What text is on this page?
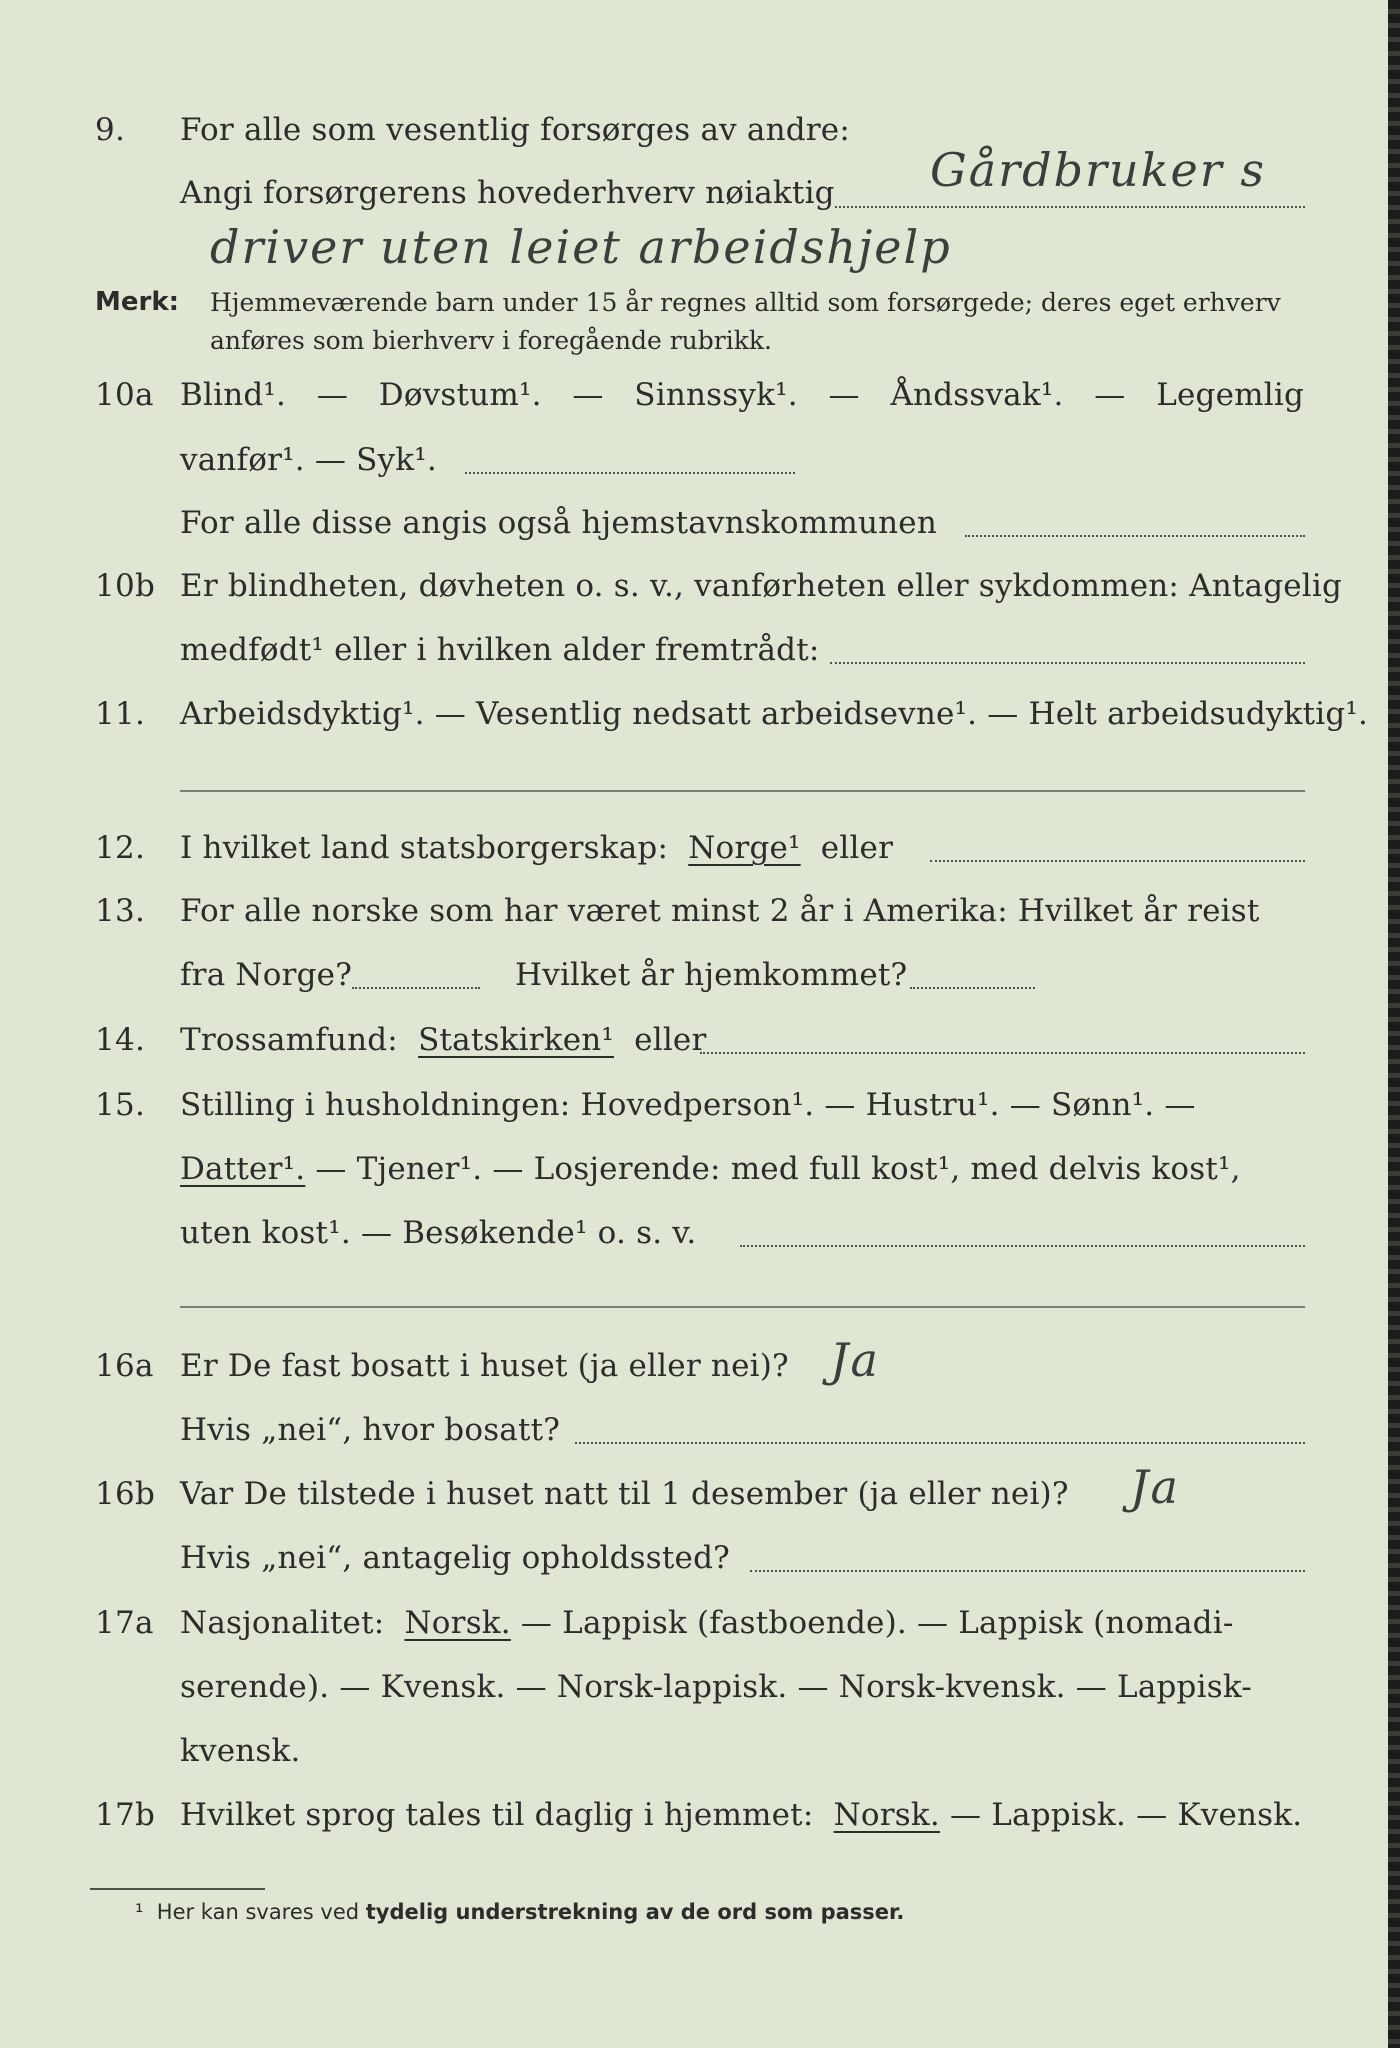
9. For alle som vesentlig forsørges av andre:
Angi forsørgerens hovederhverv nøiaktig Gårdbruker s
driver uten leiet arbeidshjelp
Merk: Hjemmeværende barn under 15 år regnes alltid som forsørgede; deres eget erhverv anføres som bierhverv i foregående rubrikk.
10a Blind¹. — Døvstum¹. — Sinnssyk¹. — Åndssvak¹. — Legemlig
vanfør¹. — Syk¹.
For alle disse angis også hjemstavnskommunen
10b Er blindheten, døvheten o. s. v., vanførheten eller sykdommen: Antagelig
medfødt¹ eller i hvilken alder fremtrådt:
11. Arbeidsdyktig¹. — Vesentlig nedsatt arbeidsevne¹. — Helt arbeidsudyktig¹.
12. I hvilket land statsborgerskap: Norge¹ eller
13. For alle norske som har været minst 2 år i Amerika: Hvilket år reist
fra Norge?	Hvilket år hjemkommet?
14. Trossamfund: Statskirken¹ eller
15. Stilling i husholdningen: Hovedperson¹. — Hustru¹. — Sønn¹. —
Datter¹. — Tjener¹. — Losjerende: med full kost¹, med delvis kost¹,
uten kost¹. — Besøkende¹ o. s. v.
16a Er De fast bosatt i huset (ja eller nei)? Ja
Hvis „nei“, hvor bosatt?
16b Var De tilstede i huset natt til 1 desember (ja eller nei)? Ja
Hvis „nei“, antagelig opholdssted?
17a Nasjonalitet: Norsk. — Lappisk (fastboende). — Lappisk (nomadi-
serende). — Kvensk. — Norsk-lappisk. — Norsk-kvensk. — Lappisk-
kvensk.
17b Hvilket sprog tales til daglig i hjemmet: Norsk. — Lappisk. — Kvensk.
¹ Her kan svares ved tydelig understrekning av de ord som passer.
